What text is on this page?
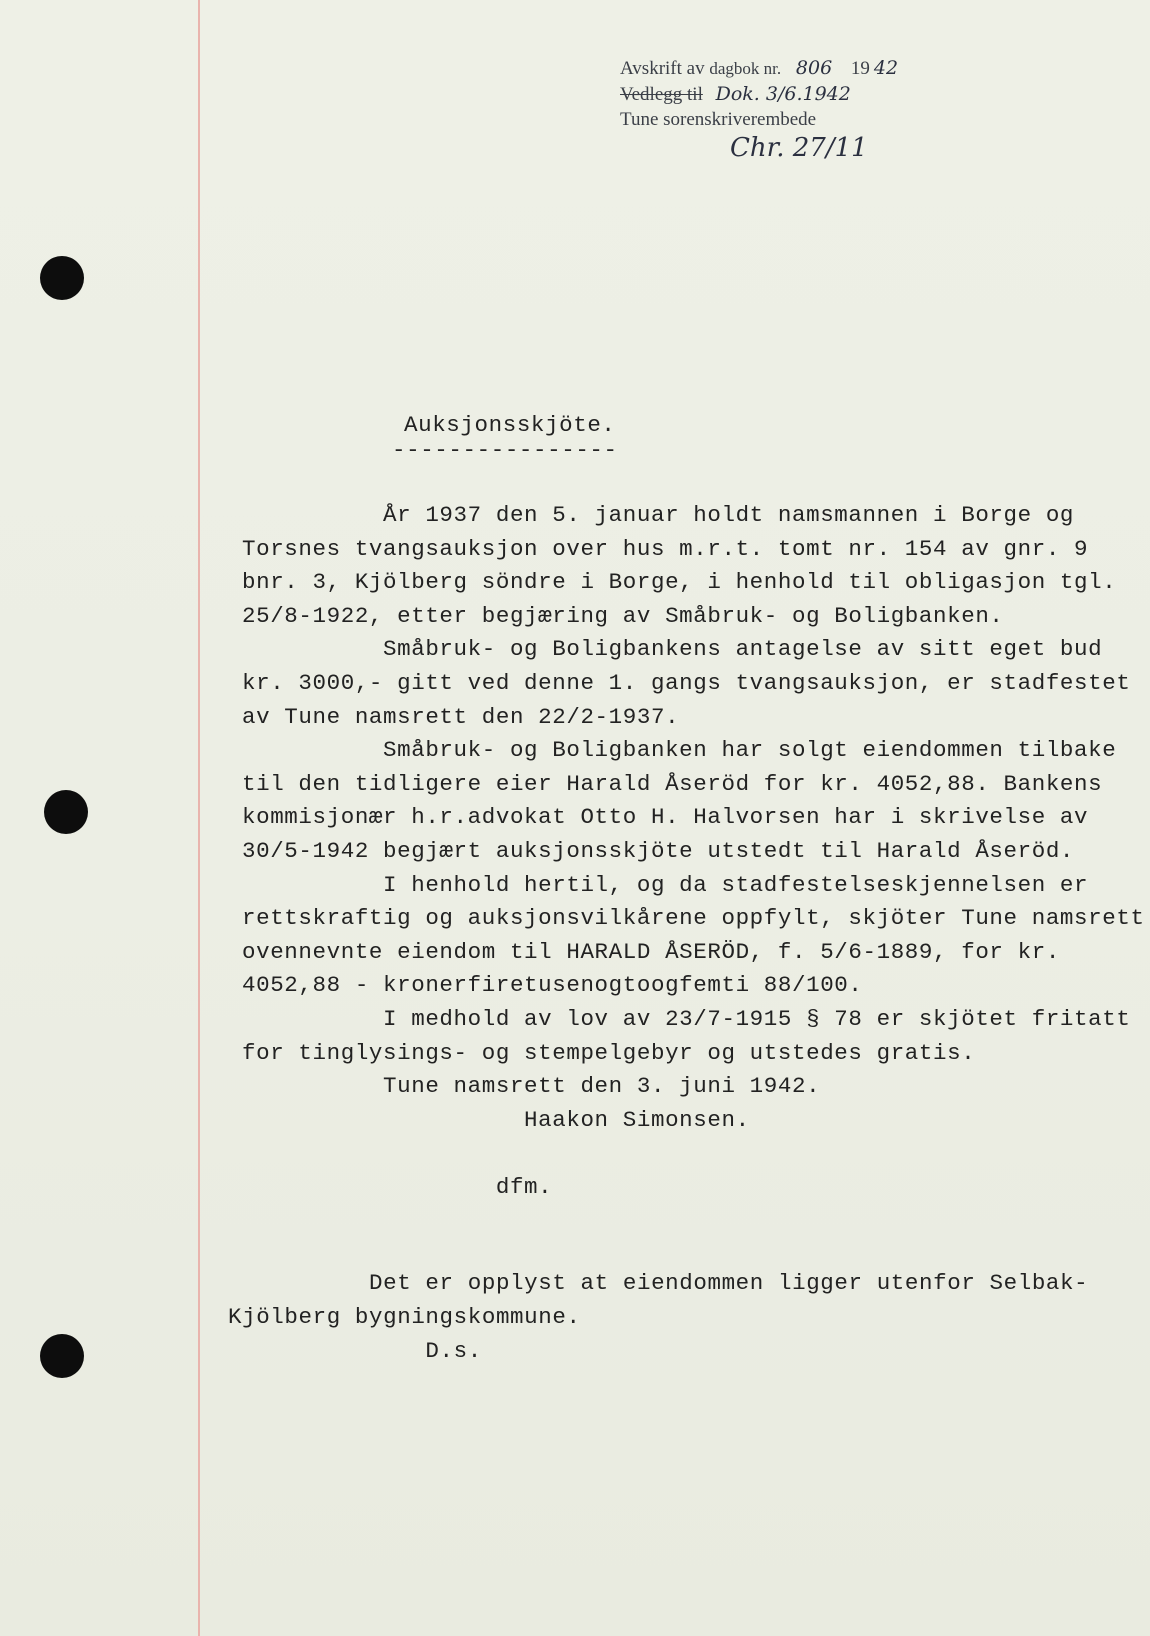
Avskrift av dagbok nr. 806 19 42
Vedlegg til Dok. 3/6.1942
Tune sorenskriverembede
Chr. 27/11
Auksjonsskjöte.
----------------
År 1937 den 5. januar holdt namsmannen i Borge og
Torsnes tvangsauksjon over hus m.r.t. tomt nr. 154 av gnr. 9
bnr. 3, Kjölberg söndre i Borge, i henhold til obligasjon tgl.
25/8-1922, etter begjæring av Småbruk- og Boligbanken.
Småbruk- og Boligbankens antagelse av sitt eget bud
kr. 3000,- gitt ved denne 1. gangs tvangsauksjon, er stadfestet
av Tune namsrett den 22/2-1937.
Småbruk- og Boligbanken har solgt eiendommen tilbake
til den tidligere eier Harald Åseröd for kr. 4052,88. Bankens
kommisjonær h.r.advokat Otto H. Halvorsen har i skrivelse av
30/5-1942 begjært auksjonsskjöte utstedt til Harald Åseröd.
I henhold hertil, og da stadfestelseskjennelsen er
rettskraftig og auksjonsvilkårene oppfylt, skjöter Tune namsrett
ovennevnte eiendom til HARALD ÅSERÖD, f. 5/6-1889, for kr.
4052,88 - kronerfiretusenogtoogfemti 88/100.
I medhold av lov av 23/7-1915 § 78 er skjötet fritatt
for tinglysings- og stempelgebyr og utstedes gratis.
Tune namsrett den 3. juni 1942.
Haakon Simonsen.
dfm.
Det er opplyst at eiendommen ligger utenfor Selbak-
Kjölberg bygningskommune.
D.s.
